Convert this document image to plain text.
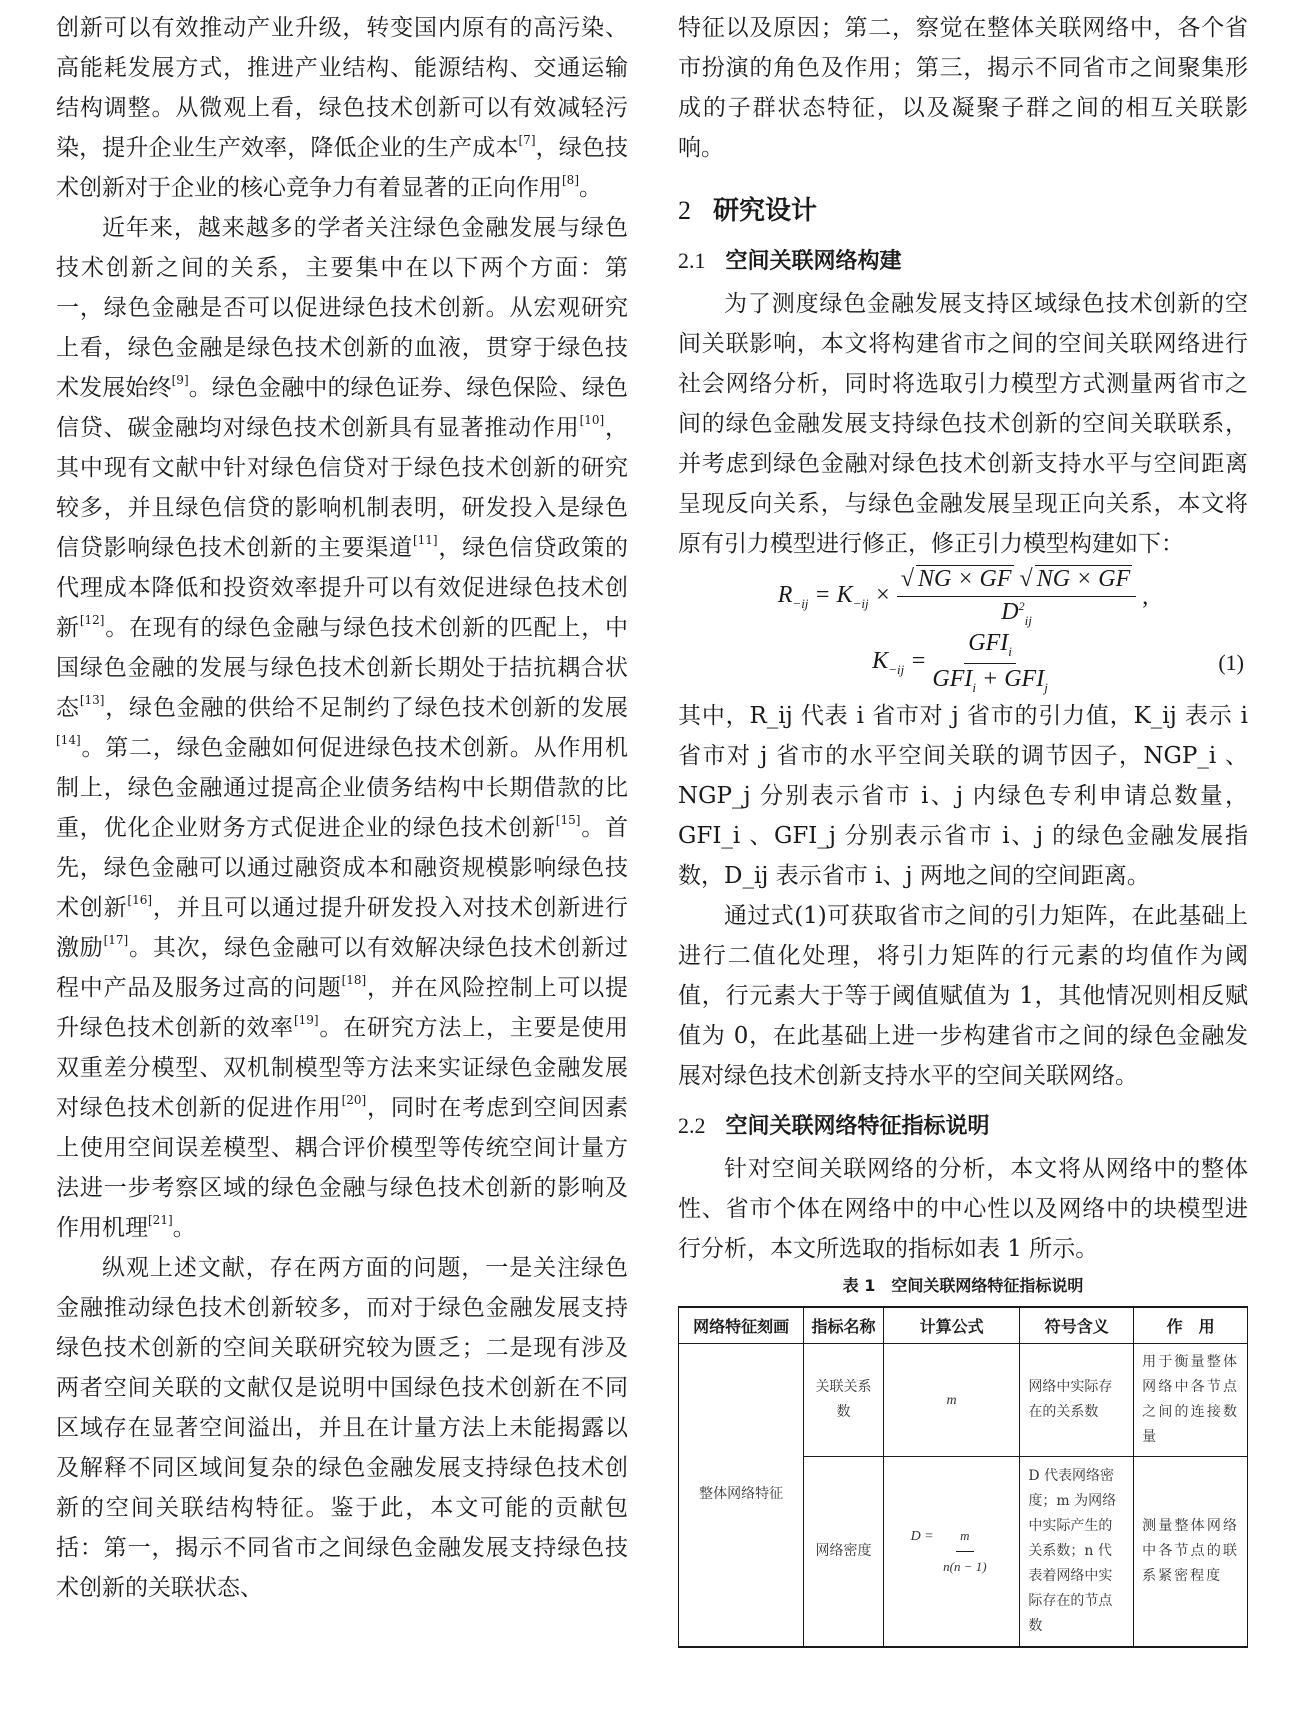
创新可以有效推动产业升级，转变国内原有的高污染、高能耗发展方式，推进产业结构、能源结构、交通运输结构调整。从微观上看，绿色技术创新可以有效减轻污染，提升企业生产效率，降低企业的生产成本[7]，绿色技术创新对于企业的核心竞争力有着显著的正向作用[8]。

近年来，越来越多的学者关注绿色金融发展与绿色技术创新之间的关系，主要集中在以下两个方面：第一，绿色金融是否可以促进绿色技术创新。从宏观研究上看，绿色金融是绿色技术创新的血液，贯穿于绿色技术发展始终[9]。绿色金融中的绿色证券、绿色保险、绿色信贷、碳金融均对绿色技术创新具有显著推动作用[10]，其中现有文献中针对绿色信贷对于绿色技术创新的研究较多，并且绿色信贷的影响机制表明，研发投入是绿色信贷影响绿色技术创新的主要渠道[11]，绿色信贷政策的代理成本降低和投资效率提升可以有效促进绿色技术创新[12]。在现有的绿色金融与绿色技术创新的匹配上，中国绿色金融的发展与绿色技术创新长期处于拮抗耦合状态[13]，绿色金融的供给不足制约了绿色技术创新的发展[14]。第二，绿色金融如何促进绿色技术创新。从作用机制上，绿色金融通过提高企业债务结构中长期借款的比重，优化企业财务方式促进企业的绿色技术创新[15]。首先，绿色金融可以通过融资成本和融资规模影响绿色技术创新[16]，并且可以通过提升研发投入对技术创新进行激励[17]。其次，绿色金融可以有效解决绿色技术创新过程中产品及服务过高的问题[18]，并在风险控制上可以提升绿色技术创新的效率[19]。在研究方法上，主要是使用双重差分模型、双机制模型等方法来实证绿色金融发展对绿色技术创新的促进作用[20]，同时在考虑到空间因素上使用空间误差模型、耦合评价模型等传统空间计量方法进一步考察区域的绿色金融与绿色技术创新的影响及作用机理[21]。

纵观上述文献，存在两方面的问题，一是关注绿色金融推动绿色技术创新较多，而对于绿色金融发展支持绿色技术创新的空间关联研究较为匮乏；二是现有涉及两者空间关联的文献仅是说明中国绿色技术创新在不同区域存在显著空间溢出，并且在计量方法上未能揭露以及解释不同区域间复杂的绿色金融发展支持绿色技术创新的空间关联结构特征。鉴于此，本文可能的贡献包括：第一，揭示不同省市之间绿色金融发展支持绿色技术创新的关联状态、

特征以及原因；第二，察觉在整体关联网络中，各个省市扮演的角色及作用；第三，揭示不同省市之间聚集形成的子群状态特征，以及凝聚子群之间的相互关联影响。

2 研究设计
2.1 空间关联网络构建

为了测度绿色金融发展支持区域绿色技术创新的空间关联影响，本文将构建省市之间的空间关联网络进行社会网络分析，同时将选取引力模型方式测量两省市之间的绿色金融发展支持绿色技术创新的空间关联联系，并考虑到绿色金融对绿色技术创新支持水平与空间距离呈现反向关系，与绿色金融发展呈现正向关系，本文将原有引力模型进行修正，修正引力模型构建如下：

$R_{-ij} = K_{-ij} \times \frac{√ NG \times GF √ NG \times GF}{D^2_{ij}}$ ,
$K_{-ij} = \frac{GFI_i}{GFI_i + GFI_j}$	(1)

其中，R_ij 代表 i 省市对 j 省市的引力值，K_ij 表示 i 省市对 j 省市的水平空间关联的调节因子，NGP_i 、NGP_j 分别表示省市 i、j 内绿色专利申请总数量，GFI_i 、GFI_j 分别表示省市 i、j 的绿色金融发展指数，D_ij 表示省市 i、j 两地之间的空间距离。

通过式(1)可获取省市之间的引力矩阵，在此基础上进行二值化处理，将引力矩阵的行元素的均值作为阈值，行元素大于等于阈值赋值为 1，其他情况则相反赋值为 0，在此基础上进一步构建省市之间的绿色金融发展对绿色技术创新支持水平的空间关联网络。

2.2 空间关联网络特征指标说明

针对空间关联网络的分析，本文将从网络中的整体性、省市个体在网络中的中心性以及网络中的块模型进行分析，本文所选取的指标如表 1 所示。

表 1　空间关联网络特征指标说明
网络特征刻画	指标名称	计算公式	符号含义	作　用
整体网络特征	关联关系数	m	网络中实际存在的关系数	用于衡量整体网络中各节点之间的连接数量
	网络密度	$D = \frac{m}{n(n - 1)}$	D 代表网络密度；m 为网络中实际产生的关系数；n 代表着网络中实际存在的节点数	测量整体网络中各节点的联系紧密程度
